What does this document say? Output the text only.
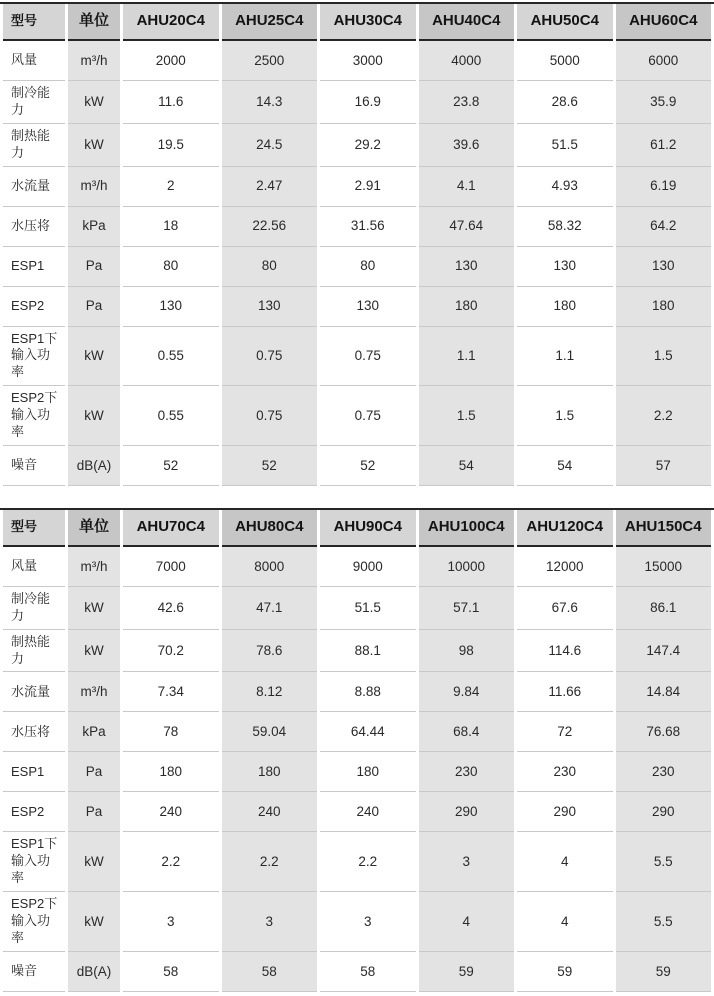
型号	单位	AHU20C4	AHU25C4	AHU30C4	AHU40C4	AHU50C4	AHU60C4
风量	m³/h	2000	2500	3000	4000	5000	6000
制冷能力	kW	11.6	14.3	16.9	23.8	28.6	35.9
制热能力	kW	19.5	24.5	29.2	39.6	51.5	61.2
水流量	m³/h	2	2.47	2.91	4.1	4.93	6.19
水压将	kPa	18	22.56	31.56	47.64	58.32	64.2
ESP1	Pa	80	80	80	130	130	130
ESP2	Pa	130	130	130	180	180	180
ESP1下输入功率	kW	0.55	0.75	0.75	1.1	1.1	1.5
ESP2下输入功率	kW	0.55	0.75	0.75	1.5	1.5	2.2
噪音	dB(A)	52	52	52	54	54	57
型号	单位	AHU70C4	AHU80C4	AHU90C4	AHU100C4	AHU120C4	AHU150C4
风量	m³/h	7000	8000	9000	10000	12000	15000
制冷能力	kW	42.6	47.1	51.5	57.1	67.6	86.1
制热能力	kW	70.2	78.6	88.1	98	114.6	147.4
水流量	m³/h	7.34	8.12	8.88	9.84	11.66	14.84
水压将	kPa	78	59.04	64.44	68.4	72	76.68
ESP1	Pa	180	180	180	230	230	230
ESP2	Pa	240	240	240	290	290	290
ESP1下输入功率	kW	2.2	2.2	2.2	3	4	5.5
ESP2下输入功率	kW	3	3	3	4	4	5.5
噪音	dB(A)	58	58	58	59	59	59
